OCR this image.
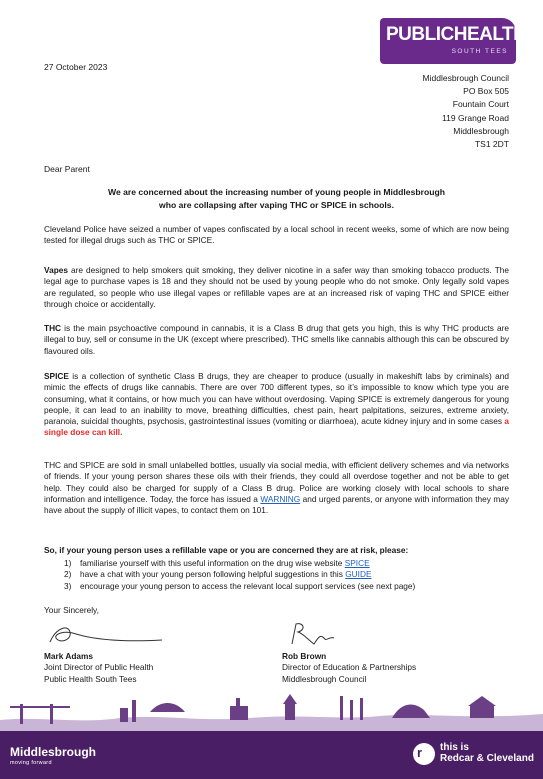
PUBLICHEALTH
SOUTH TEES
27 October 2023
Middlesbrough Council
PO Box 505
Fountain Court
119 Grange Road
Middlesbrough
TS1 2DT
Dear Parent
We are concerned about the increasing number of young people in Middlesbrough
who are collapsing after vaping THC or SPICE in schools.
Cleveland Police have seized a number of vapes confiscated by a local school in recent weeks, some of which are now being tested for illegal drugs such as THC or SPICE.
Vapes are designed to help smokers quit smoking, they deliver nicotine in a safer way than smoking tobacco products. The legal age to purchase vapes is 18 and they should not be used by young people who do not smoke. Only legally sold vapes are regulated, so people who use illegal vapes or refillable vapes are at an increased risk of vaping THC and SPICE either through choice or accidentally.
THC is the main psychoactive compound in cannabis, it is a Class B drug that gets you high, this is why THC products are illegal to buy, sell or consume in the UK (except where prescribed). THC smells like cannabis although this can be obscured by flavoured oils.
SPICE is a collection of synthetic Class B drugs, they are cheaper to produce (usually in makeshift labs by criminals) and mimic the effects of drugs like cannabis. There are over 700 different types, so it’s impossible to know which type you are consuming, what it contains, or how much you can have without overdosing. Vaping SPICE is extremely dangerous for young people, it can lead to an inability to move, breathing difficulties, chest pain, heart palpitations, seizures, extreme anxiety, paranoia, suicidal thoughts, psychosis, gastrointestinal issues (vomiting or diarrhoea), acute kidney injury and in some cases a single dose can kill.
THC and SPICE are sold in small unlabelled bottles, usually via social media, with efficient delivery schemes and via networks of friends. If your young person shares these oils with their friends, they could all overdose together and not be able to get help. They could also be charged for supply of a Class B drug. Police are working closely with local schools to share information and intelligence. Today, the force has issued a WARNING and urged parents, or anyone with information they may have about the supply of illicit vapes, to contact them on 101.
So, if your young person uses a refillable vape or you are concerned they are at risk, please:
1) familiarise yourself with this useful information on the drug wise website SPICE
2) have a chat with your young person following helpful suggestions in this GUIDE
3) encourage your young person to access the relevant local support services (see next page)
Your Sincerely,
Mark Adams
Joint Director of Public Health
Public Health South Tees
Rob Brown
Director of Education & Partnerships
Middlesbrough Council
Middlesbrough
moving forward
r this is
Redcar & Cleveland
